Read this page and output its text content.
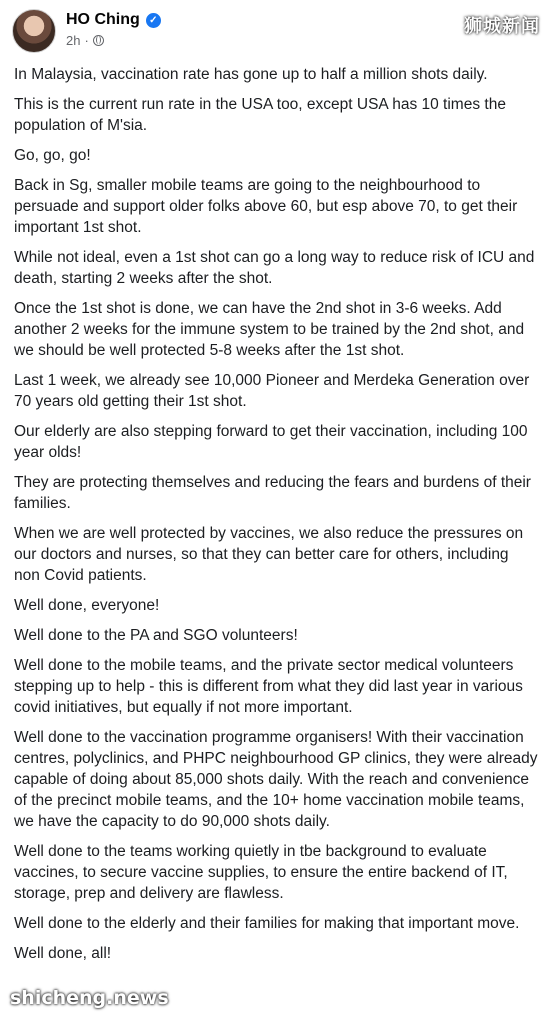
HO Ching ✓
2h ·
狮城新闻

In Malaysia, vaccination rate has gone up to half a million shots daily.

This is the current run rate in the USA too, except USA has 10 times the population of M'sia.

Go, go, go!

Back in Sg, smaller mobile teams are going to the neighbourhood to persuade and support older folks above 60, but esp above 70, to get their important 1st shot.

While not ideal, even a 1st shot can go a long way to reduce risk of ICU and death, starting 2 weeks after the shot.

Once the 1st shot is done, we can have the 2nd shot in 3-6 weeks. Add another 2 weeks for the immune system to be trained by the 2nd shot, and we should be well protected 5-8 weeks after the 1st shot.

Last 1 week, we already see 10,000 Pioneer and Merdeka Generation over 70 years old getting their 1st shot.

Our elderly are also stepping forward to get their vaccination, including 100 year olds!

They are protecting themselves and reducing the fears and burdens of their families.

When we are well protected by vaccines, we also reduce the pressures on our doctors and nurses, so that they can better care for others, including non Covid patients.

Well done, everyone!

Well done to the PA and SGO volunteers!

Well done to the mobile teams, and the private sector medical volunteers stepping up to help - this is different from what they did last year in various covid initiatives, but equally if not more important.

Well done to the vaccination programme organisers! With their vaccination centres, polyclinics, and PHPC neighbourhood GP clinics, they were already capable of doing about 85,000 shots daily. With the reach and convenience of the precinct mobile teams, and the 10+ home vaccination mobile teams, we have the capacity to do 90,000 shots daily.

Well done to the teams working quietly in tbe background to evaluate vaccines, to secure vaccine supplies, to ensure the entire backend of IT, storage, prep and delivery are flawless.

Well done to the elderly and their families for making that important move.

Well done, all!

shicheng.news
